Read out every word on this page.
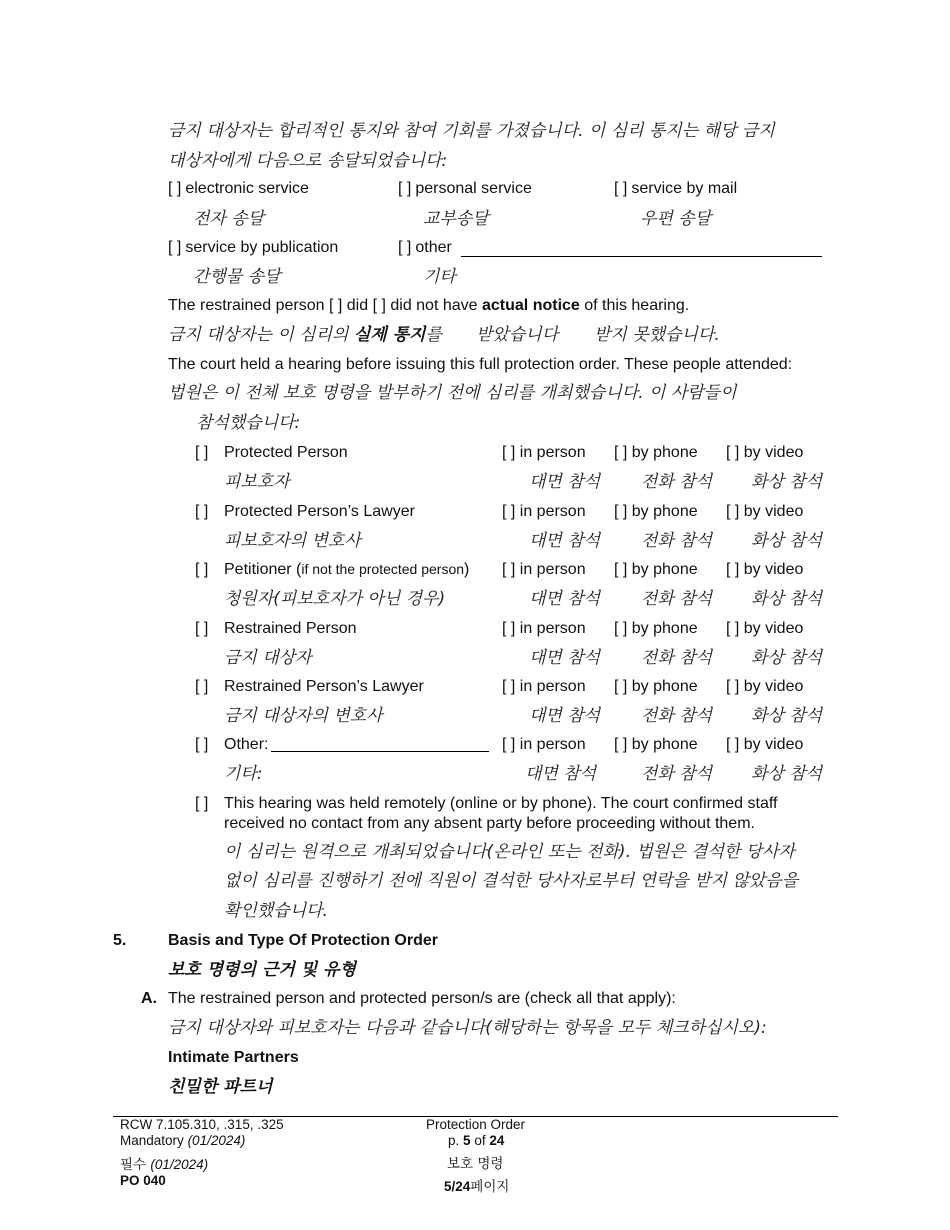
금지 대상자는 합리적인 통지와 참여 기회를 가졌습니다. 이 심리 통지는 해당 금지
대상자에게 다음으로 송달되었습니다:
[ ] electronic service
전자 송달
[ ] personal service
교부송달
[ ] service by mail
우편 송달
[ ] service by publication
간행물 송달
[ ] other
기타
The restrained person [ ] did [ ] did not have actual notice of this hearing.
금지 대상자는 이 심리의 실제 통지를 받았습니다 받지 못했습니다.
The court held a hearing before issuing this full protection order. These people attended:
법원은 이 전체 보호 명령을 발부하기 전에 심리를 개최했습니다. 이 사람들이
참석했습니다:
[ ] Protected Person
피보호자
[ ] in person [ ] by phone [ ] by video
대면 참석 전화 참석 화상 참석
[ ] Protected Person’s Lawyer
피보호자의 변호사
[ ] in person [ ] by phone [ ] by video
대면 참석 전화 참석 화상 참석
[ ] Petitioner (if not the protected person)
청원자(피보호자가 아닌 경우)
[ ] in person [ ] by phone [ ] by video
대면 참석 전화 참석 화상 참석
[ ] Restrained Person
금지 대상자
[ ] in person [ ] by phone [ ] by video
대면 참석 전화 참석 화상 참석
[ ] Restrained Person’s Lawyer
금지 대상자의 변호사
[ ] in person [ ] by phone [ ] by video
대면 참석 전화 참석 화상 참석
[ ] Other:
기타:
[ ] in person [ ] by phone [ ] by video
대면 참석	전화 참석 화상 참석
[ ] This hearing was held remotely (online or by phone). The court confirmed staff
received no contact from any absent party before proceeding without them.
이 심리는 원격으로 개최되었습니다(온라인 또는 전화). 법원은 결석한 당사자
없이 심리를 진행하기 전에 직원이 결석한 당사자로부터 연락을 받지 않았음을
확인했습니다.
5.	Basis and Type Of Protection Order
보호 명령의 근거 및 유형
A. The restrained person and protected person/s are (check all that apply):
금지 대상자와 피보호자는 다음과 같습니다(해당하는 항목을 모두 체크하십시오):
Intimate Partners
친밀한 파트너
RCW 7.105.310, .315, .325
Mandatory (01/2024)
필수 (01/2024)
PO 040
Protection Order
p. 5 of 24
보호 명령
5/24페이지
